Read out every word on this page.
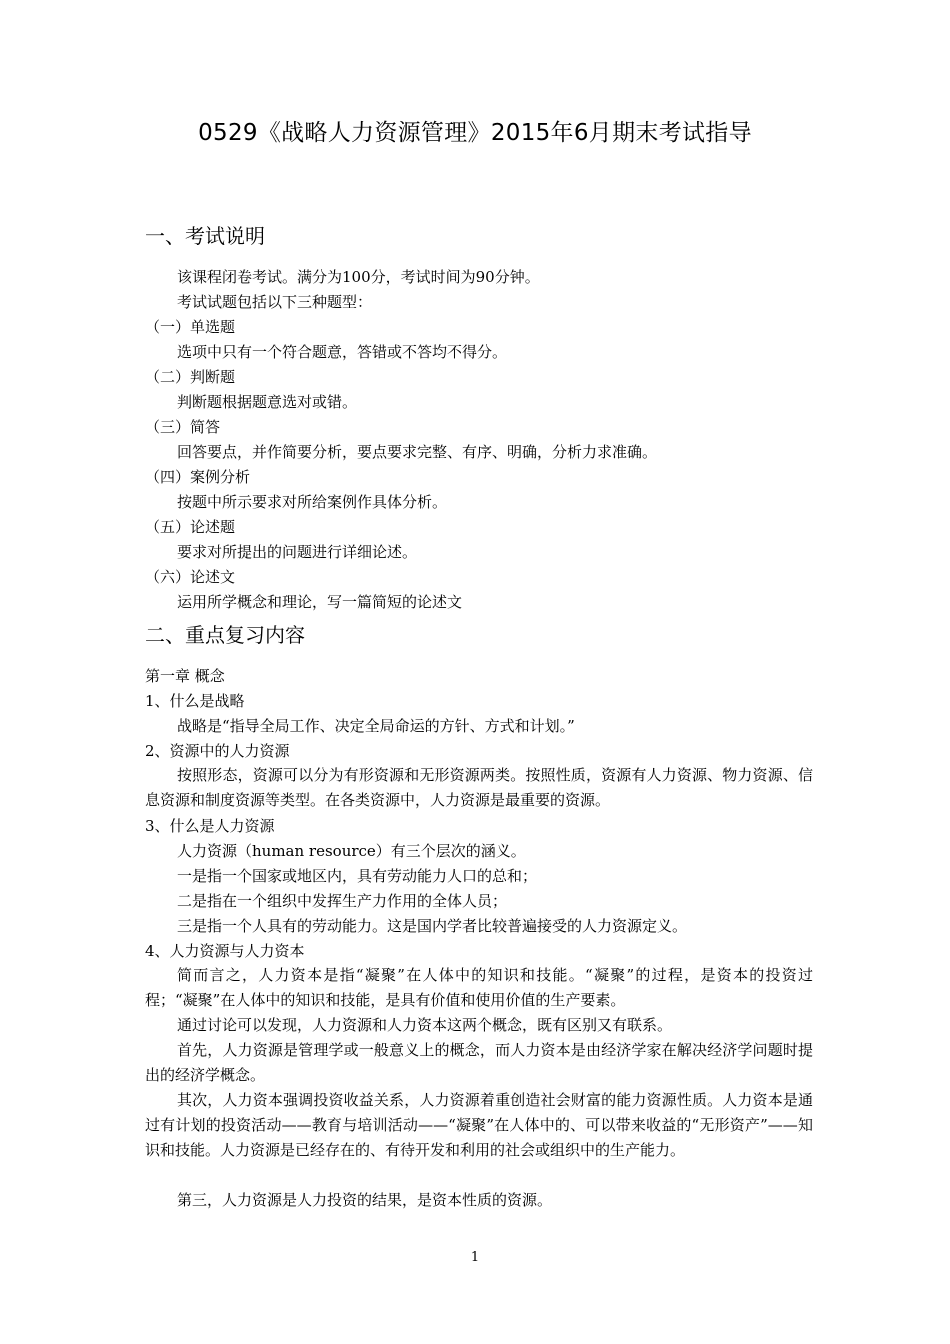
0529《战略人力资源管理》2015年6月期末考试指导
一、考试说明
该课程闭卷考试。满分为100分，考试时间为90分钟。
考试试题包括以下三种题型：
（一）单选题
选项中只有一个符合题意，答错或不答均不得分。
（二）判断题
判断题根据题意选对或错。
（三）简答
回答要点，并作简要分析，要点要求完整、有序、明确，分析力求准确。
（四）案例分析
按题中所示要求对所给案例作具体分析。
（五）论述题
要求对所提出的问题进行详细论述。
（六）论述文
运用所学概念和理论，写一篇简短的论述文
二、重点复习内容
第一章 概念
1、什么是战略
战略是“指导全局工作、决定全局命运的方针、方式和计划。”
2、资源中的人力资源
按照形态，资源可以分为有形资源和无形资源两类。按照性质，资源有人力资源、物力资源、信息资源和制度资源等类型。在各类资源中，人力资源是最重要的资源。
3、什么是人力资源
人力资源（human resource）有三个层次的涵义。
一是指一个国家或地区内，具有劳动能力人口的总和；
二是指在一个组织中发挥生产力作用的全体人员；
三是指一个人具有的劳动能力。这是国内学者比较普遍接受的人力资源定义。
4、人力资源与人力资本
简而言之，人力资本是指“凝聚”在人体中的知识和技能。“凝聚”的过程，是资本的投资过程；“凝聚”在人体中的知识和技能，是具有价值和使用价值的生产要素。
通过讨论可以发现，人力资源和人力资本这两个概念，既有区别又有联系。
首先，人力资源是管理学或一般意义上的概念，而人力资本是由经济学家在解决经济学问题时提出的经济学概念。
其次，人力资本强调投资收益关系，人力资源着重创造社会财富的能力资源性质。人力资本是通过有计划的投资活动——教育与培训活动——“凝聚”在人体中的、可以带来收益的“无形资产”——知识和技能。人力资源是已经存在的、有待开发和利用的社会或组织中的生产能力。
第三，人力资源是人力投资的结果，是资本性质的资源。
1
